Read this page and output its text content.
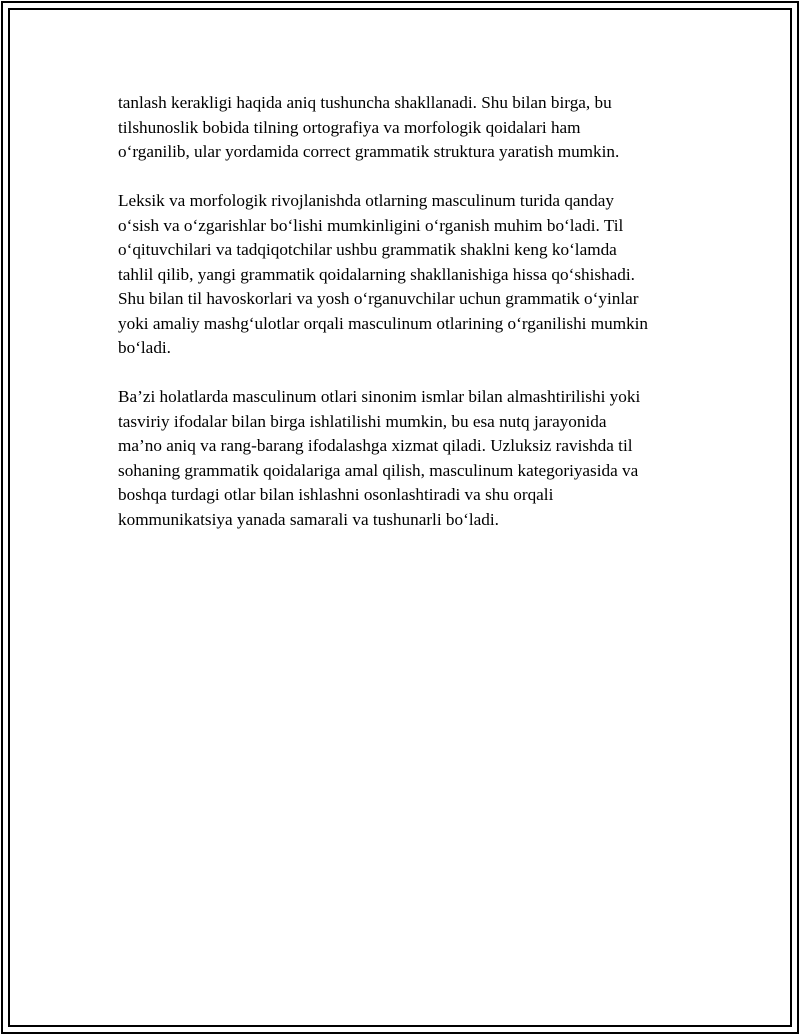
tanlash kerakligi haqida aniq tushuncha shakllanadi. Shu bilan birga, bu
tilshunoslik bobida tilning ortografiya va morfologik qoidalari ham
o‘rganilib, ular yordamida correct grammatik struktura yaratish mumkin.

Leksik va morfologik rivojlanishda otlarning masculinum turida qanday
o‘sish va o‘zgarishlar bo‘lishi mumkinligini o‘rganish muhim bo‘ladi. Til
o‘qituvchilari va tadqiqotchilar ushbu grammatik shaklni keng ko‘lamda
tahlil qilib, yangi grammatik qoidalarning shakllanishiga hissa qo‘shishadi.
Shu bilan til havoskorlari va yosh o‘rganuvchilar uchun grammatik o‘yinlar
yoki amaliy mashg‘ulotlar orqali masculinum otlarining o‘rganilishi mumkin
bo‘ladi.

Ba’zi holatlarda masculinum otlari sinonim ismlar bilan almashtirilishi yoki
tasviriy ifodalar bilan birga ishlatilishi mumkin, bu esa nutq jarayonida
ma’no aniq va rang-barang ifodalashga xizmat qiladi. Uzluksiz ravishda til
sohaning grammatik qoidalariga amal qilish, masculinum kategoriyasida va
boshqa turdagi otlar bilan ishlashni osonlashtiradi va shu orqali
kommunikatsiya yanada samarali va tushunarli bo‘ladi.
